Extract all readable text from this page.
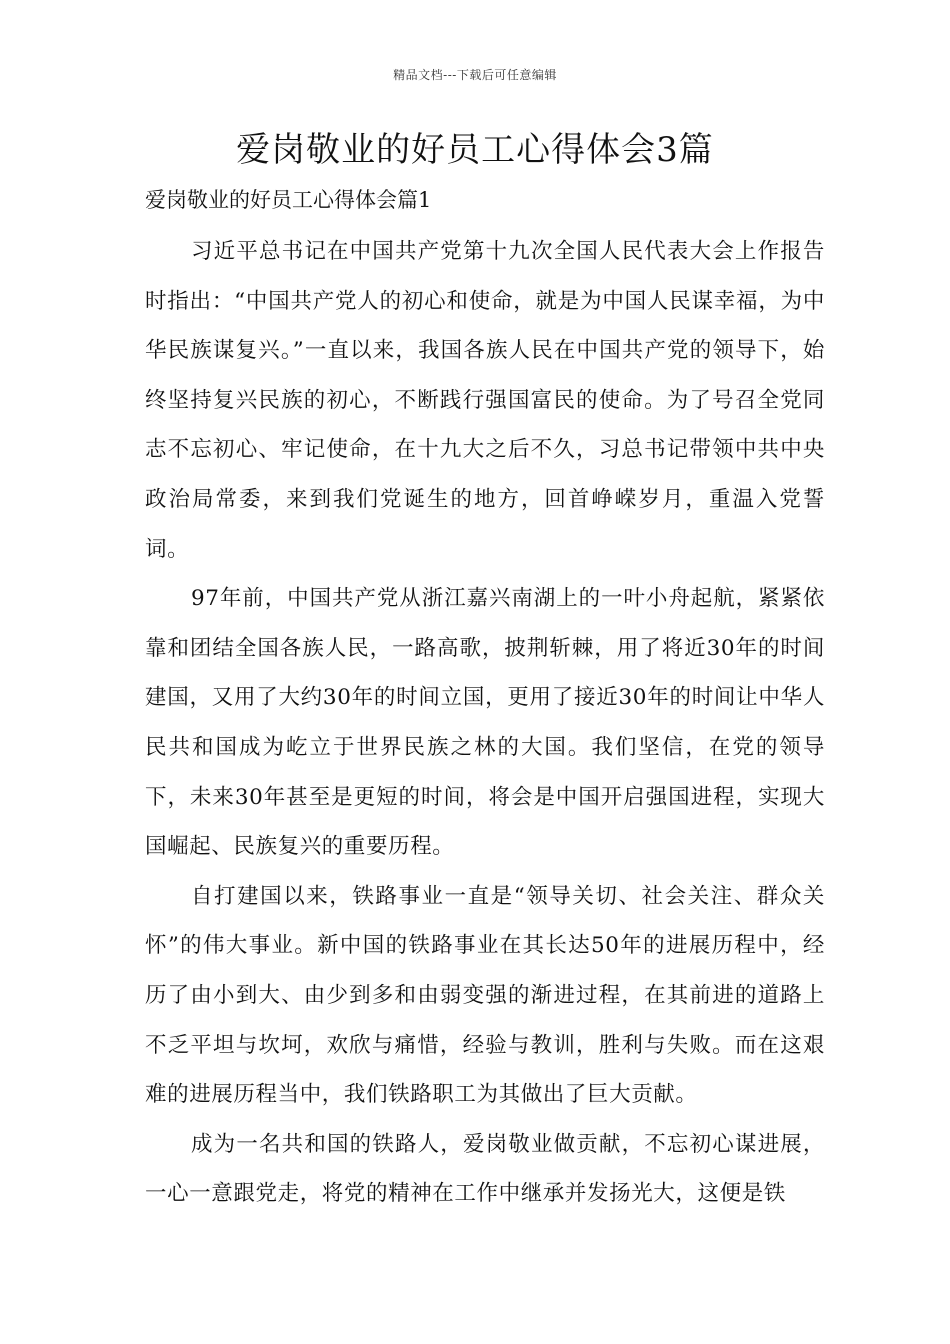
精品文档---下载后可任意编辑
爱岗敬业的好员工心得体会3篇
爱岗敬业的好员工心得体会篇1

习近平总书记在中国共产党第十九次全国人民代表大会上作报告时指出：“中国共产党人的初心和使命，就是为中国人民谋幸福，为中华民族谋复兴。”一直以来，我国各族人民在中国共产党的领导下，始终坚持复兴民族的初心，不断践行强国富民的使命。为了号召全党同志不忘初心、牢记使命，在十九大之后不久，习总书记带领中共中央政治局常委，来到我们党诞生的地方，回首峥嵘岁月，重温入党誓词。

97年前，中国共产党从浙江嘉兴南湖上的一叶小舟起航，紧紧依靠和团结全国各族人民，一路高歌，披荆斩棘，用了将近30年的时间建国，又用了大约30年的时间立国，更用了接近30年的时间让中华人民共和国成为屹立于世界民族之林的大国。我们坚信，在党的领导下，未来30年甚至是更短的时间，将会是中国开启强国进程，实现大国崛起、民族复兴的重要历程。

自打建国以来，铁路事业一直是“领导关切、社会关注、群众关怀”的伟大事业。新中国的铁路事业在其长达50年的进展历程中，经历了由小到大、由少到多和由弱变强的渐进过程，在其前进的道路上不乏平坦与坎坷，欢欣与痛惜，经验与教训，胜利与失败。而在这艰难的进展历程当中，我们铁路职工为其做出了巨大贡献。

成为一名共和国的铁路人，爱岗敬业做贡献，不忘初心谋进展，一心一意跟党走，将党的精神在工作中继承并发扬光大，这便是铁
